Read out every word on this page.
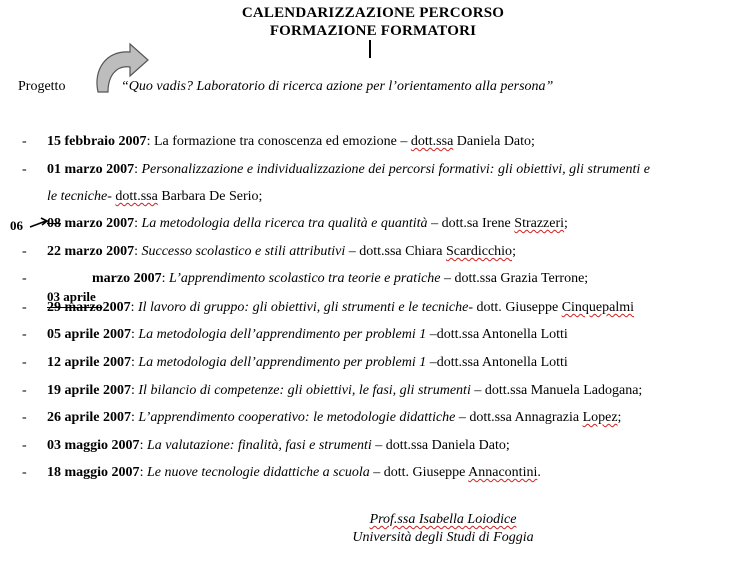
CALENDARIZZAZIONE PERCORSO
FORMAZIONE FORMATORI
Progetto	“Quo vadis? Laboratorio di ricerca azione per l’orientamento alla persona”
- 15 febbraio 2007: La formazione tra conoscenza ed emozione – dott.ssa Daniela Dato;
- 01 marzo 2007: Personalizzazione e individualizzazione dei percorsi formativi: gli obiettivi, gli strumenti e
le tecniche- dott.ssa Barbara De Serio;
06 08 marzo 2007: La metodologia della ricerca tra qualità e quantità – dott.sa Irene Strazzeri;
- 22 marzo 2007: Successo scolastico e stili attributivi – dott.ssa Chiara Scardicchio;
-	marzo 2007: L’apprendimento scolastico tra teorie e pratiche – dott.ssa Grazia Terrone;
03 aprile
- 29 marzo2007: Il lavoro di gruppo: gli obiettivi, gli strumenti e le tecniche- dott. Giuseppe Cinquepalmi
- 05 aprile 2007: La metodologia dell’apprendimento per problemi 1 –dott.ssa Antonella Lotti
- 12 aprile 2007: La metodologia dell’apprendimento per problemi 1 –dott.ssa Antonella Lotti
- 19 aprile 2007: Il bilancio di competenze: gli obiettivi, le fasi, gli strumenti – dott.ssa Manuela Ladogana;
- 26 aprile 2007: L’apprendimento cooperativo: le metodologie didattiche – dott.ssa Annagrazia Lopez;
- 03 maggio 2007: La valutazione: finalità, fasi e strumenti – dott.ssa Daniela Dato;
- 18 maggio 2007: Le nuove tecnologie didattiche a scuola – dott. Giuseppe Annacontini.
Prof.ssa Isabella Loiodice
Università degli Studi di Foggia
